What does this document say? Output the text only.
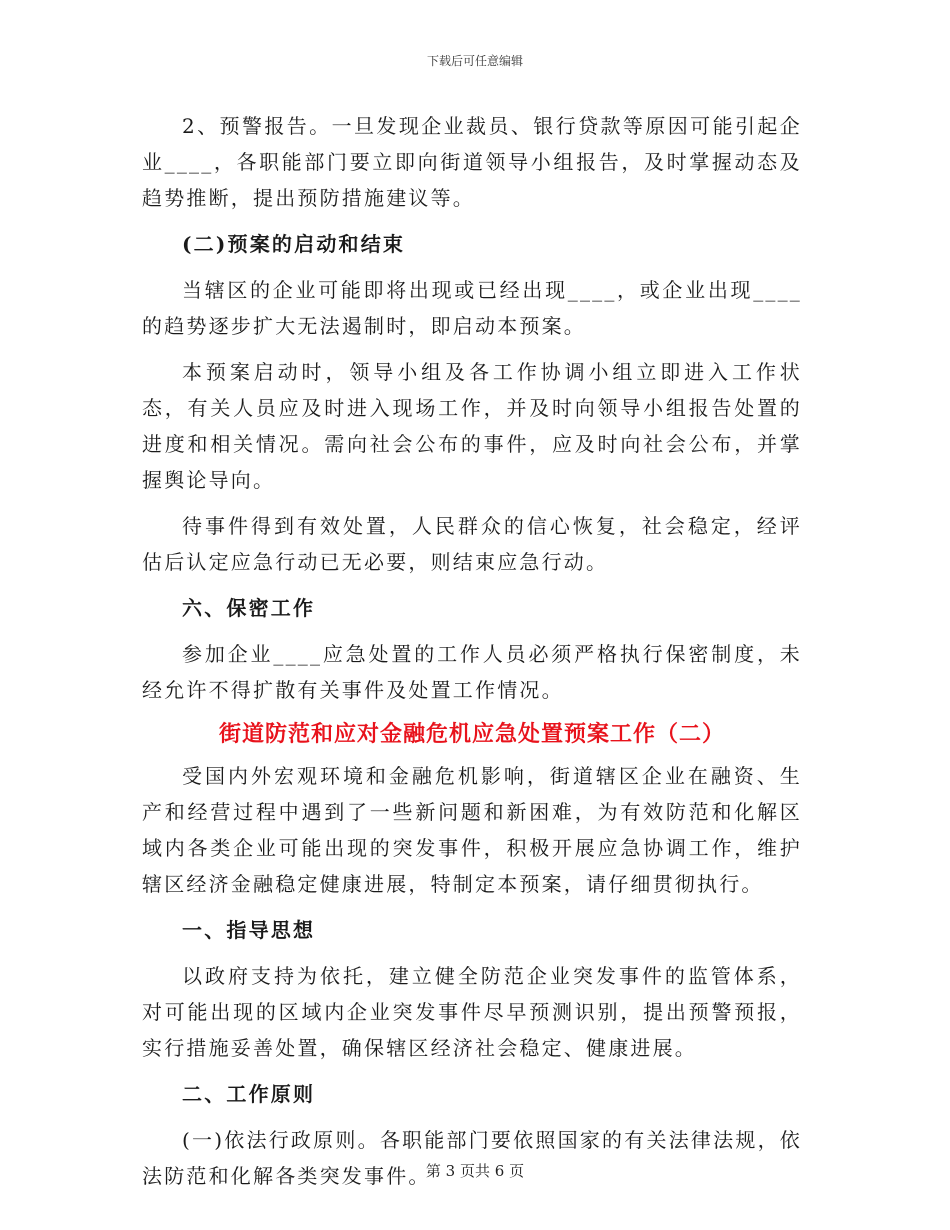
下载后可任意编辑

2、预警报告。一旦发现企业裁员、银行贷款等原因可能引起企业____，各职能部门要立即向街道领导小组报告，及时掌握动态及趋势推断，提出预防措施建议等。

(二)预案的启动和结束

当辖区的企业可能即将出现或已经出现____，或企业出现____的趋势逐步扩大无法遏制时，即启动本预案。

本预案启动时，领导小组及各工作协调小组立即进入工作状态，有关人员应及时进入现场工作，并及时向领导小组报告处置的进度和相关情况。需向社会公布的事件，应及时向社会公布，并掌握舆论导向。

待事件得到有效处置，人民群众的信心恢复，社会稳定，经评估后认定应急行动已无必要，则结束应急行动。

六、保密工作

参加企业____应急处置的工作人员必须严格执行保密制度，未经允许不得扩散有关事件及处置工作情况。

街道防范和应对金融危机应急处置预案工作（二）

受国内外宏观环境和金融危机影响，街道辖区企业在融资、生产和经营过程中遇到了一些新问题和新困难，为有效防范和化解区域内各类企业可能出现的突发事件，积极开展应急协调工作，维护辖区经济金融稳定健康进展，特制定本预案，请仔细贯彻执行。

一、指导思想

以政府支持为依托，建立健全防范企业突发事件的监管体系，对可能出现的区域内企业突发事件尽早预测识别，提出预警预报，实行措施妥善处置，确保辖区经济社会稳定、健康进展。

二、工作原则

(一)依法行政原则。各职能部门要依照国家的有关法律法规，依法防范和化解各类突发事件。

第 3 页共 6 页
